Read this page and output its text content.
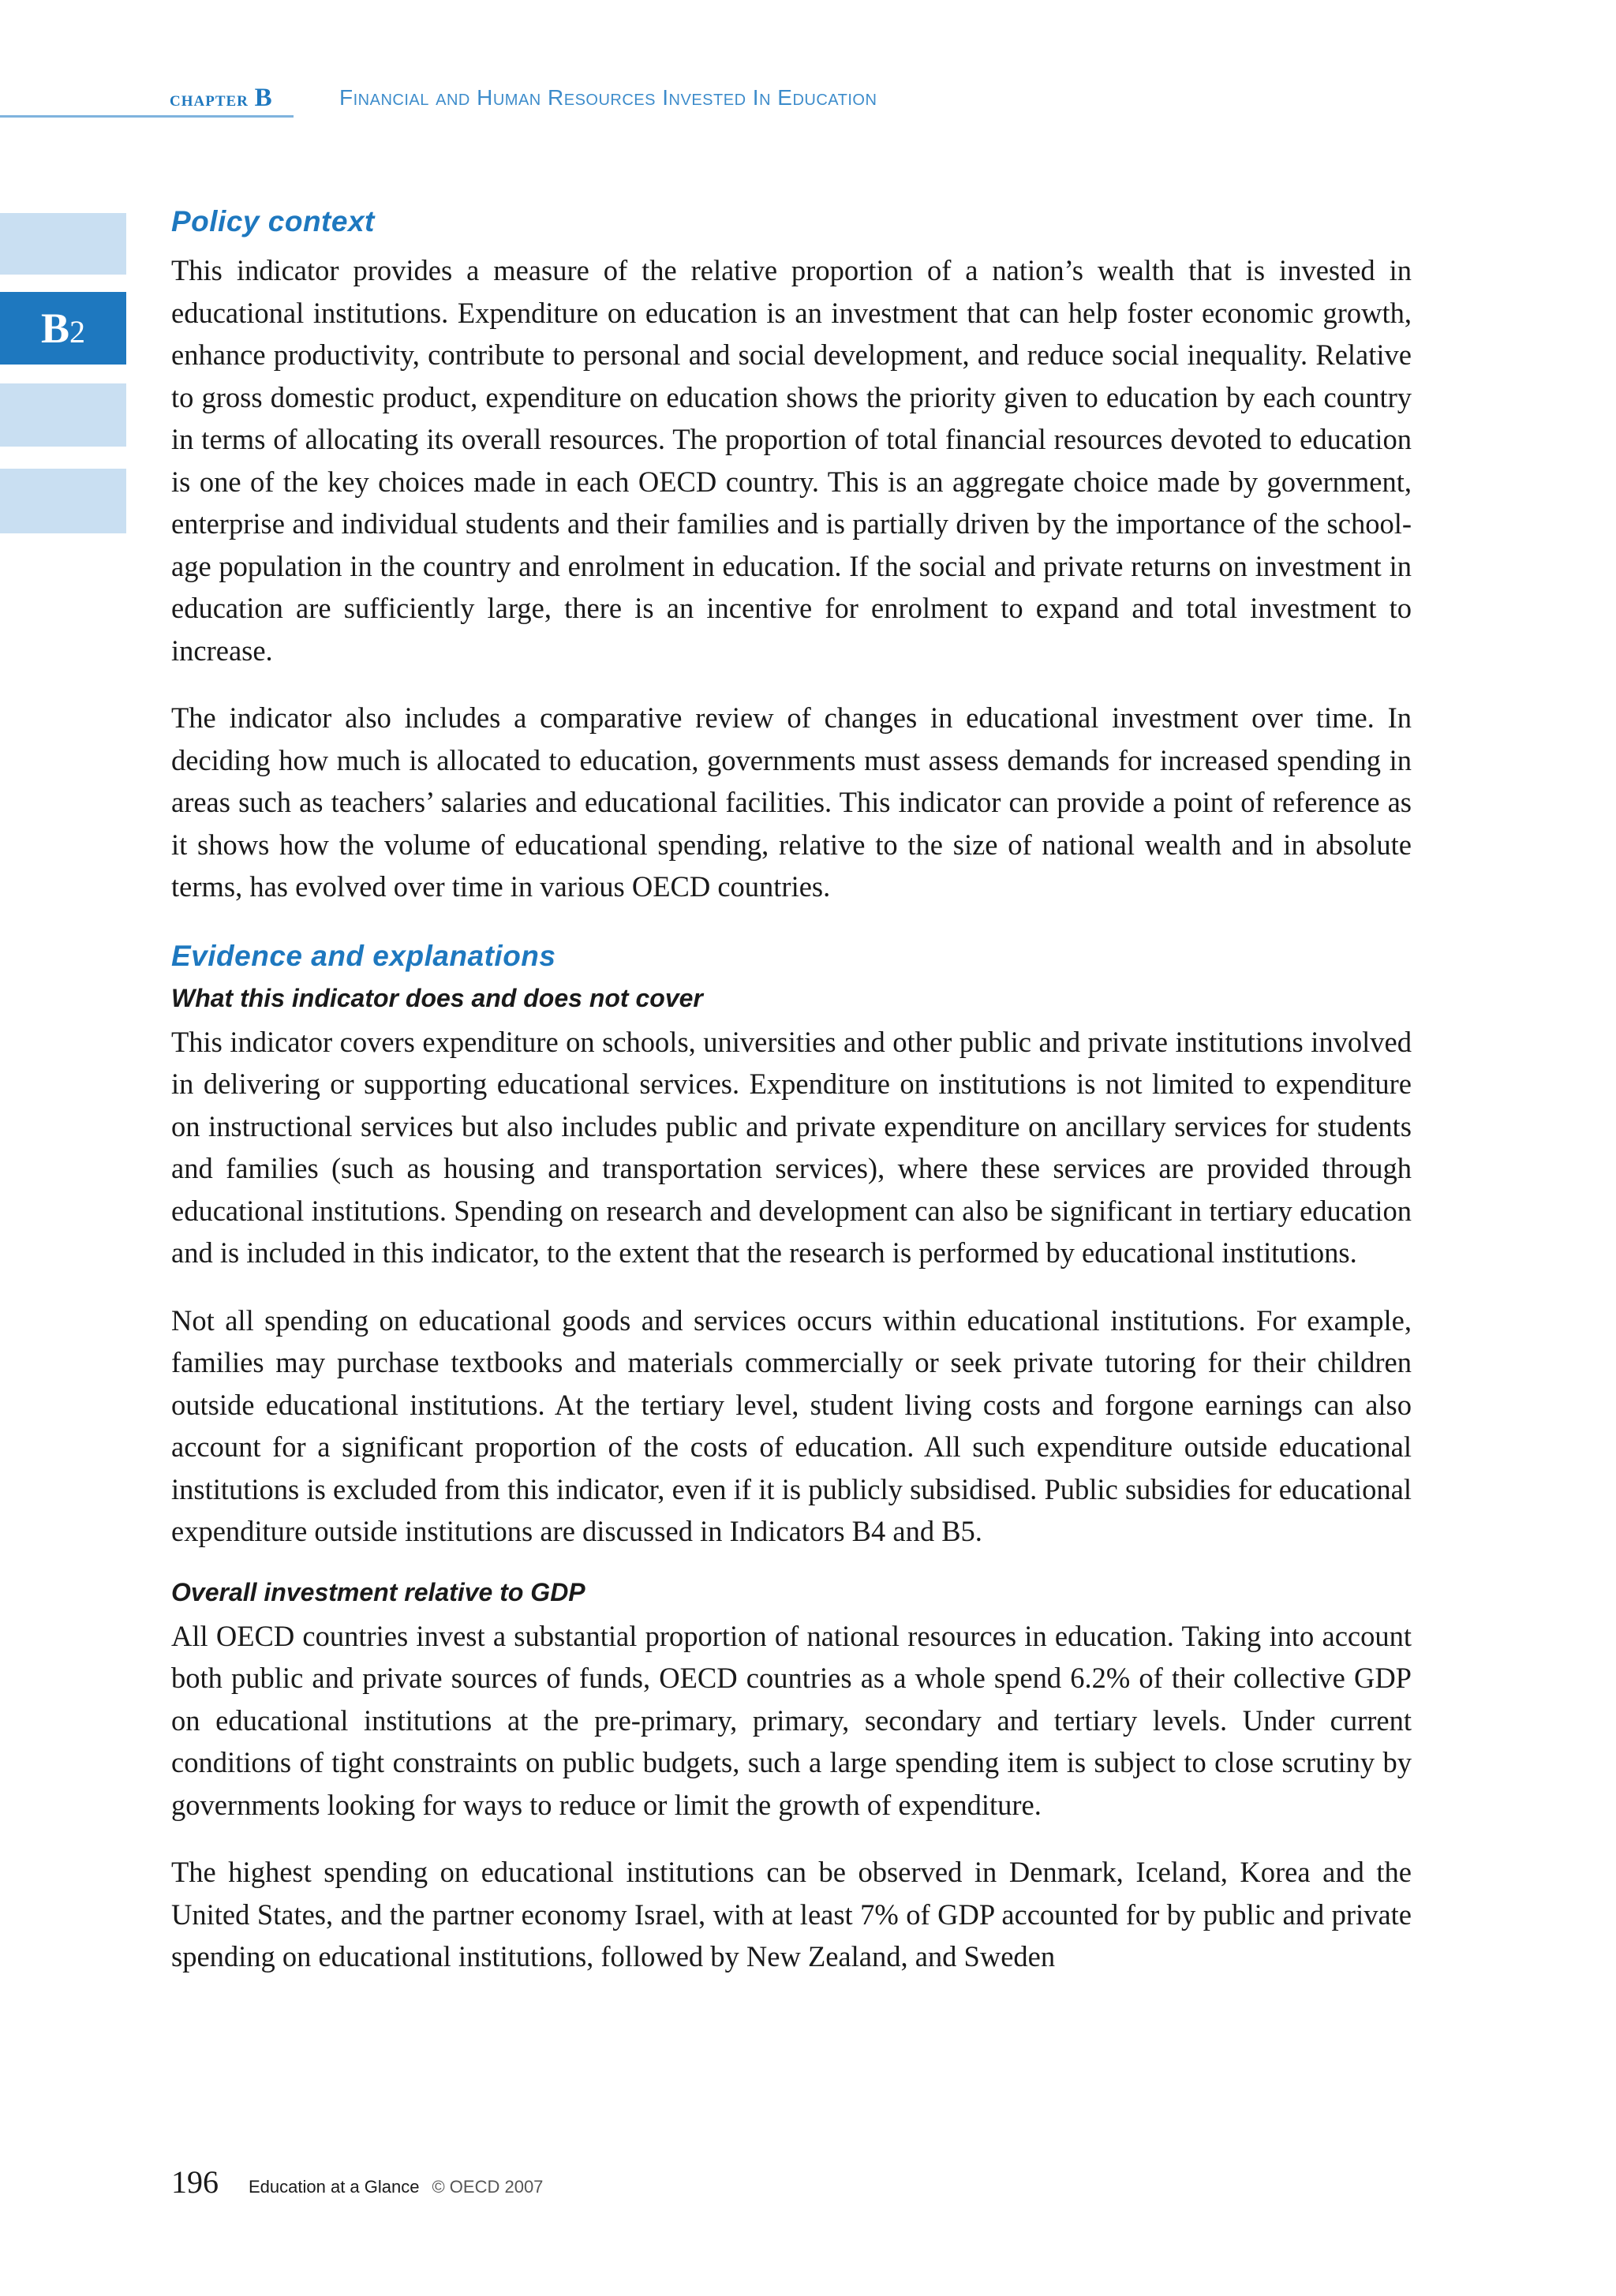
chapter B	Financial and Human Resources Invested In Education
B 2
Policy context

This indicator provides a measure of the relative proportion of a nation’s wealth that is invested in educational institutions. Expenditure on education is an investment that can help foster economic growth, enhance productivity, contribute to personal and social development, and reduce social inequality. Relative to gross domestic product, expenditure on education shows the priority given to education by each country in terms of allocating its overall resources. The proportion of total financial resources devoted to education is one of the key choices made in each OECD country. This is an aggregate choice made by government, enterprise and individual students and their families and is partially driven by the importance of the school-age population in the country and enrolment in education. If the social and private returns on investment in education are sufficiently large, there is an incentive for enrolment to expand and total investment to increase.

The indicator also includes a comparative review of changes in educational investment over time. In deciding how much is allocated to education, governments must assess demands for increased spending in areas such as teachers’ salaries and educational facilities. This indicator can provide a point of reference as it shows how the volume of educational spending, relative to the size of national wealth and in absolute terms, has evolved over time in various OECD countries.

Evidence and explanations
What this indicator does and does not cover

This indicator covers expenditure on schools, universities and other public and private institutions involved in delivering or supporting educational services. Expenditure on institutions is not limited to expenditure on instructional services but also includes public and private expenditure on ancillary services for students and families (such as housing and transportation services), where these services are provided through educational institutions. Spending on research and development can also be significant in tertiary education and is included in this indicator, to the extent that the research is performed by educational institutions.

Not all spending on educational goods and services occurs within educational institutions. For example, families may purchase textbooks and materials commercially or seek private tutoring for their children outside educational institutions. At the tertiary level, student living costs and forgone earnings can also account for a significant proportion of the costs of education. All such expenditure outside educational institutions is excluded from this indicator, even if it is publicly subsidised. Public subsidies for educational expenditure outside institutions are discussed in Indicators B4 and B5.

Overall investment relative to GDP

All OECD countries invest a substantial proportion of national resources in education. Taking into account both public and private sources of funds, OECD countries as a whole spend 6.2% of their collective GDP on educational institutions at the pre-primary, primary, secondary and tertiary levels. Under current conditions of tight constraints on public budgets, such a large spending item is subject to close scrutiny by governments looking for ways to reduce or limit the growth of expenditure.

The highest spending on educational institutions can be observed in Denmark, Iceland, Korea and the United States, and the partner economy Israel, with at least 7% of GDP accounted for by public and private spending on educational institutions, followed by New Zealand, and Sweden

196 Education at a Glance © OECD 2007
